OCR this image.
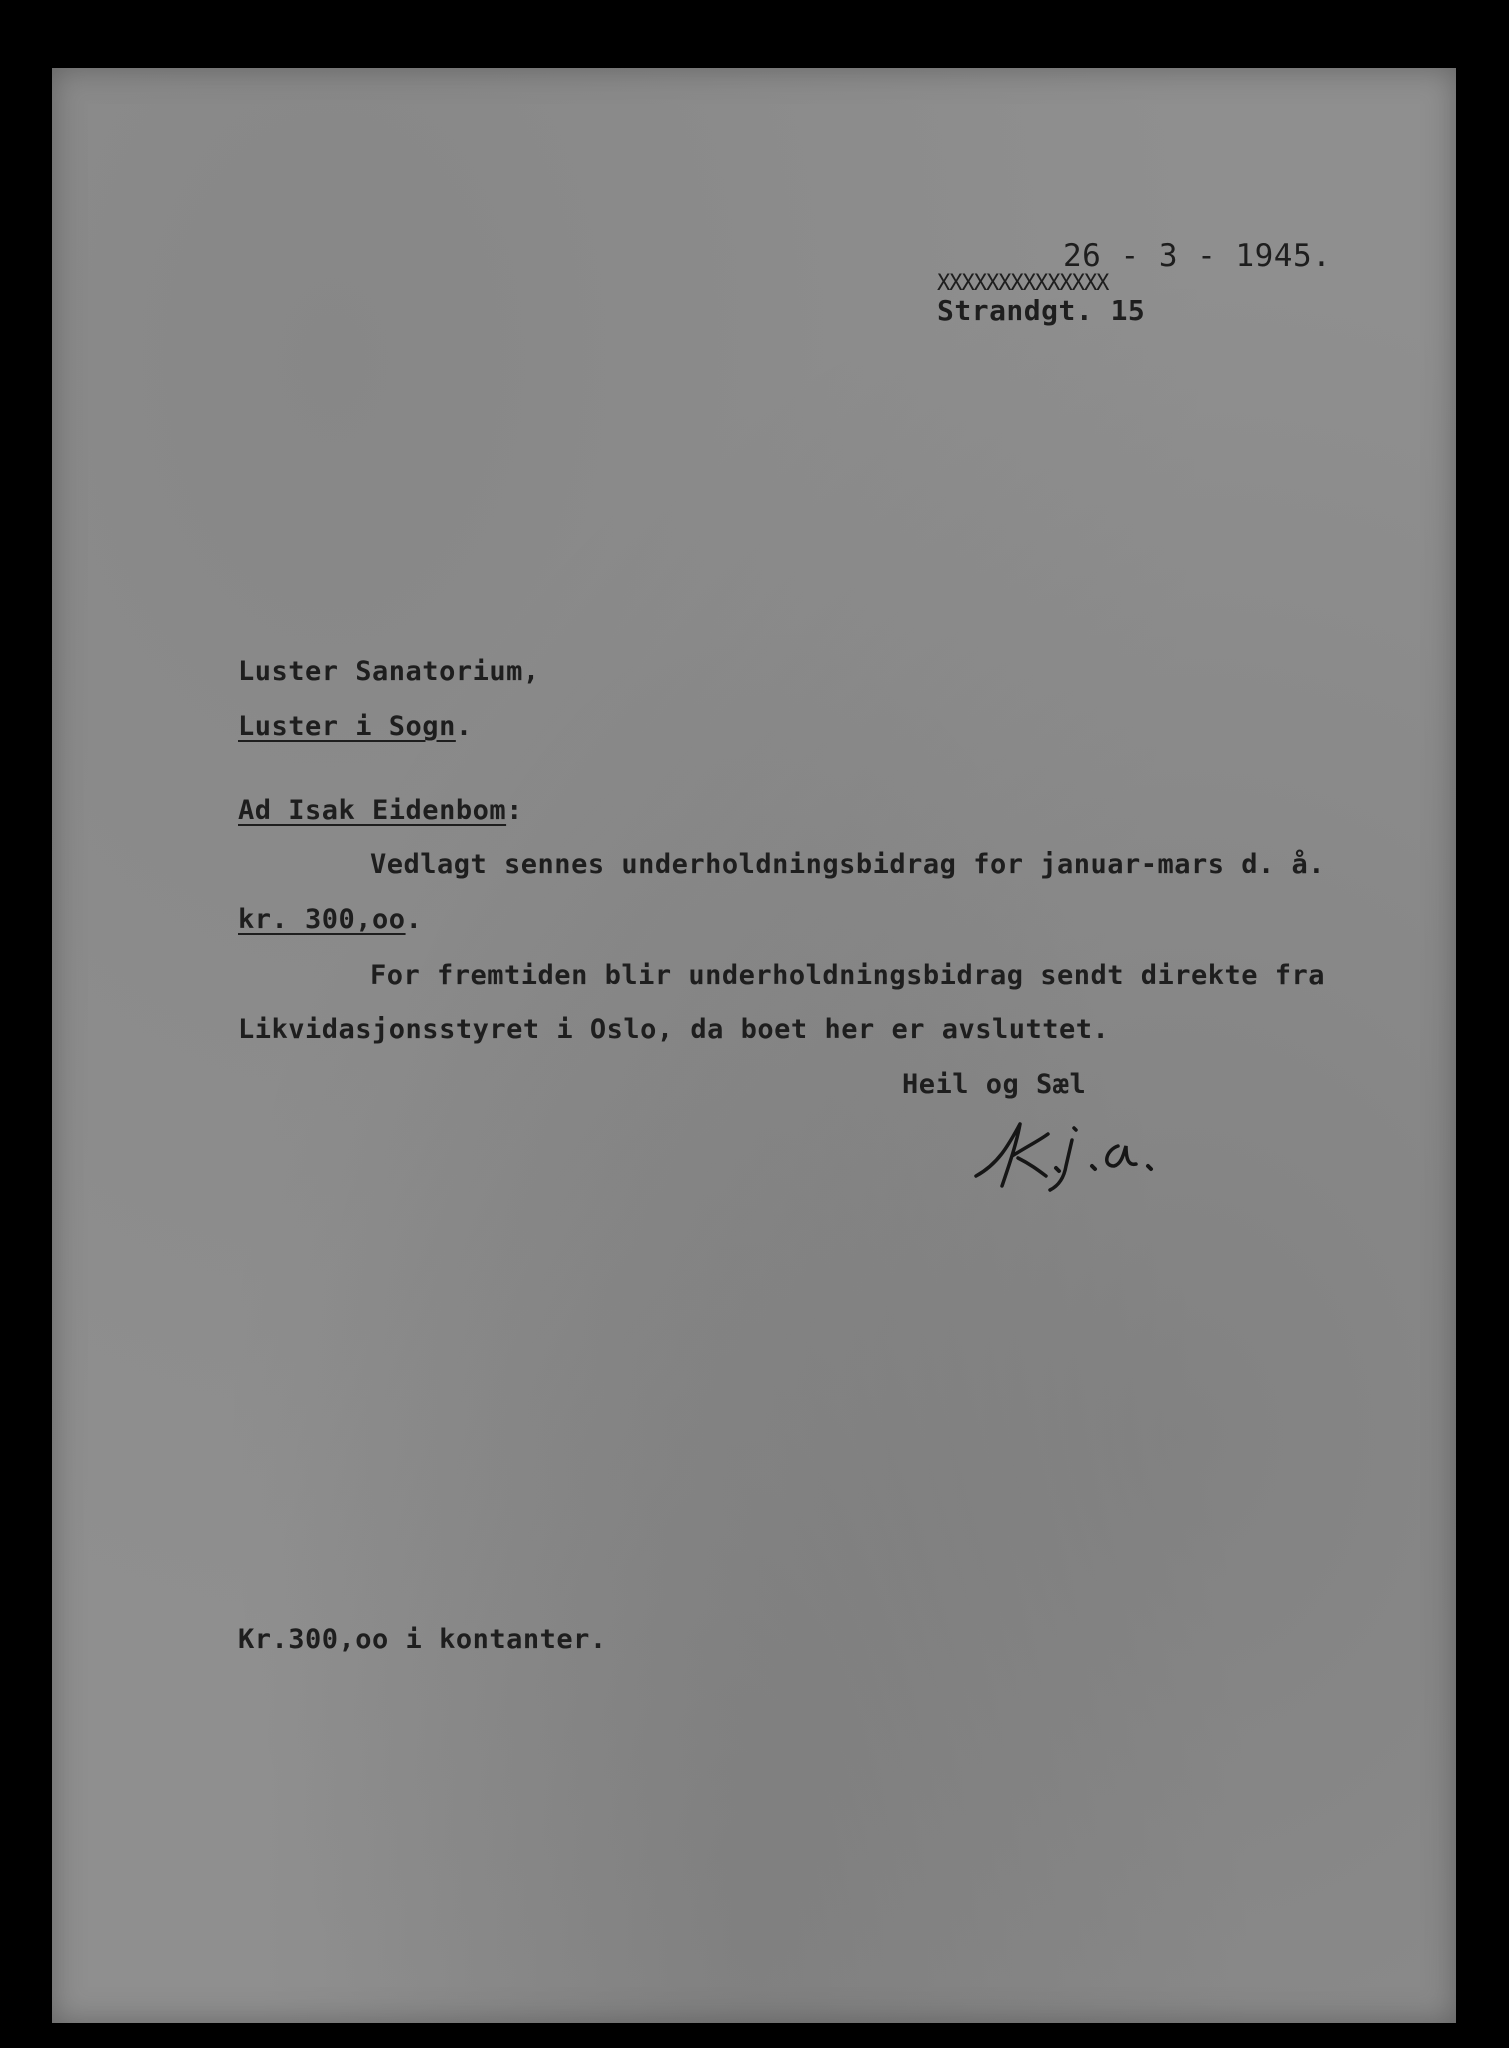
26 - 3 - 1945.
XXXXXXXXXXXXXX
Strandgt. 15
Luster Sanatorium,
Luster i Sogn.
Ad Isak Eidenbom:
Vedlagt sennes underholdningsbidrag for januar-mars d. å.
kr. 300,oo.
For fremtiden blir underholdningsbidrag sendt direkte fra
Likvidasjonsstyret i Oslo, da boet her er avsluttet.
Heil og Sæl
Kr.300,oo i kontanter.
